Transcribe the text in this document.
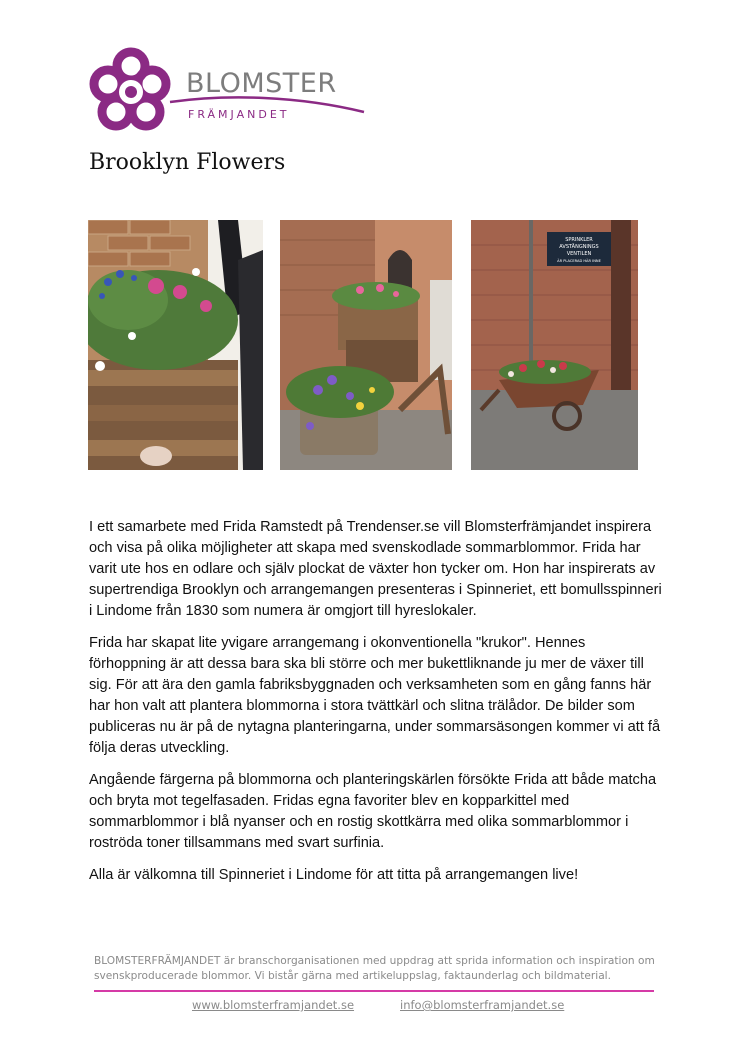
BLOMSTER
FRÄMJANDET
Brooklyn Flowers
SPRINKLER
AVSTÄNGNINGS
VENTILEN
ÄR PLACERAD HÄR INNE

I ett samarbete med Frida Ramstedt på Trendenser.se vill Blomsterfrämjandet inspirera och visa på olika möjligheter att skapa med svenskodlade sommarblommor. Frida har varit ute hos en odlare och själv plockat de växter hon tycker om. Hon har inspirerats av supertrendiga Brooklyn och arrangemangen presenteras i Spinneriet, ett bomullsspinneri i Lindome från 1830 som numera är omgjort till hyreslokaler.

Frida har skapat lite yvigare arrangemang i okonventionella "krukor". Hennes förhoppning är att dessa bara ska bli större och mer bukettliknande ju mer de växer till sig. För att ära den gamla fabriksbyggnaden och verksamheten som en gång fanns här har hon valt att plantera blommorna i stora tvättkärl och slitna trälådor. De bilder som publiceras nu är på de nytagna planteringarna, under sommarsäsongen kommer vi att få följa deras utveckling.

Angående färgerna på blommorna och planteringskärlen försökte Frida att både matcha och bryta mot tegelfasaden. Fridas egna favoriter blev en kopparkittel med sommarblommor i blå nyanser och en rostig skottkärra med olika sommarblommor i roströda toner tillsammans med svart surfinia.

Alla är välkomna till Spinneriet i Lindome för att titta på arrangemangen live!

BLOMSTERFRÄMJANDET är branschorganisationen med uppdrag att sprida information och inspiration om svenskproducerade blommor. Vi bistår gärna med artikeluppslag, faktaunderlag och bildmaterial.
www.blomsterframjandet.se	info@blomsterframjandet.se
